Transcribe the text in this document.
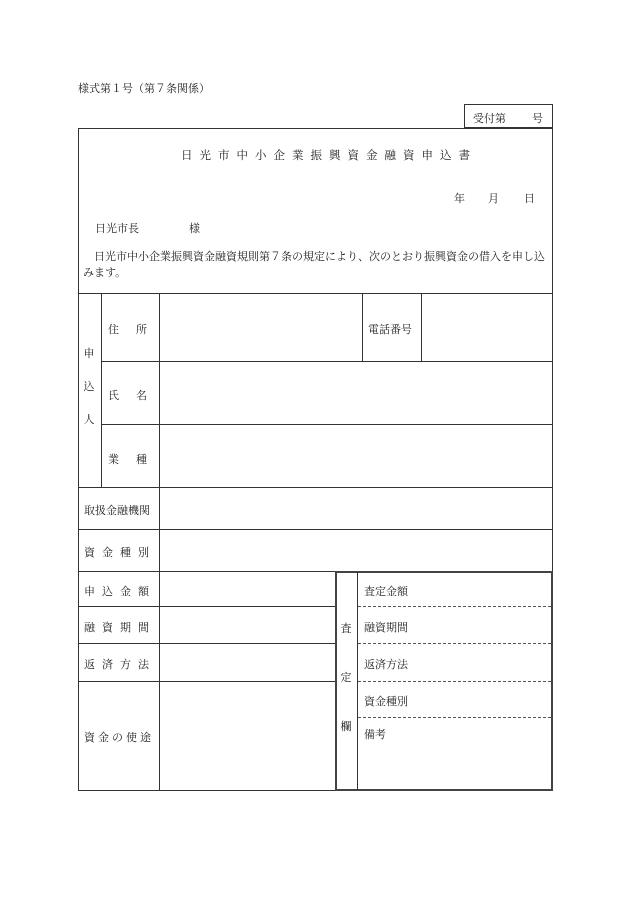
様式第１号（第７条関係）
受付第 号
日光市中小企業振興資金融資申込書
年 月 日
日光市長	様
日光市中小企業振興資金融資規則第７条の規定により、次のとおり振興資金の借入を申し込みます。
申
込
人
住　所	電話番号
氏　名
業　種
取扱金融機関
資金種別
申込金額
融資期間
返済方法
資金の使途
査
定
欄
査定金額
融資期間
返済方法
資金種別
備考
